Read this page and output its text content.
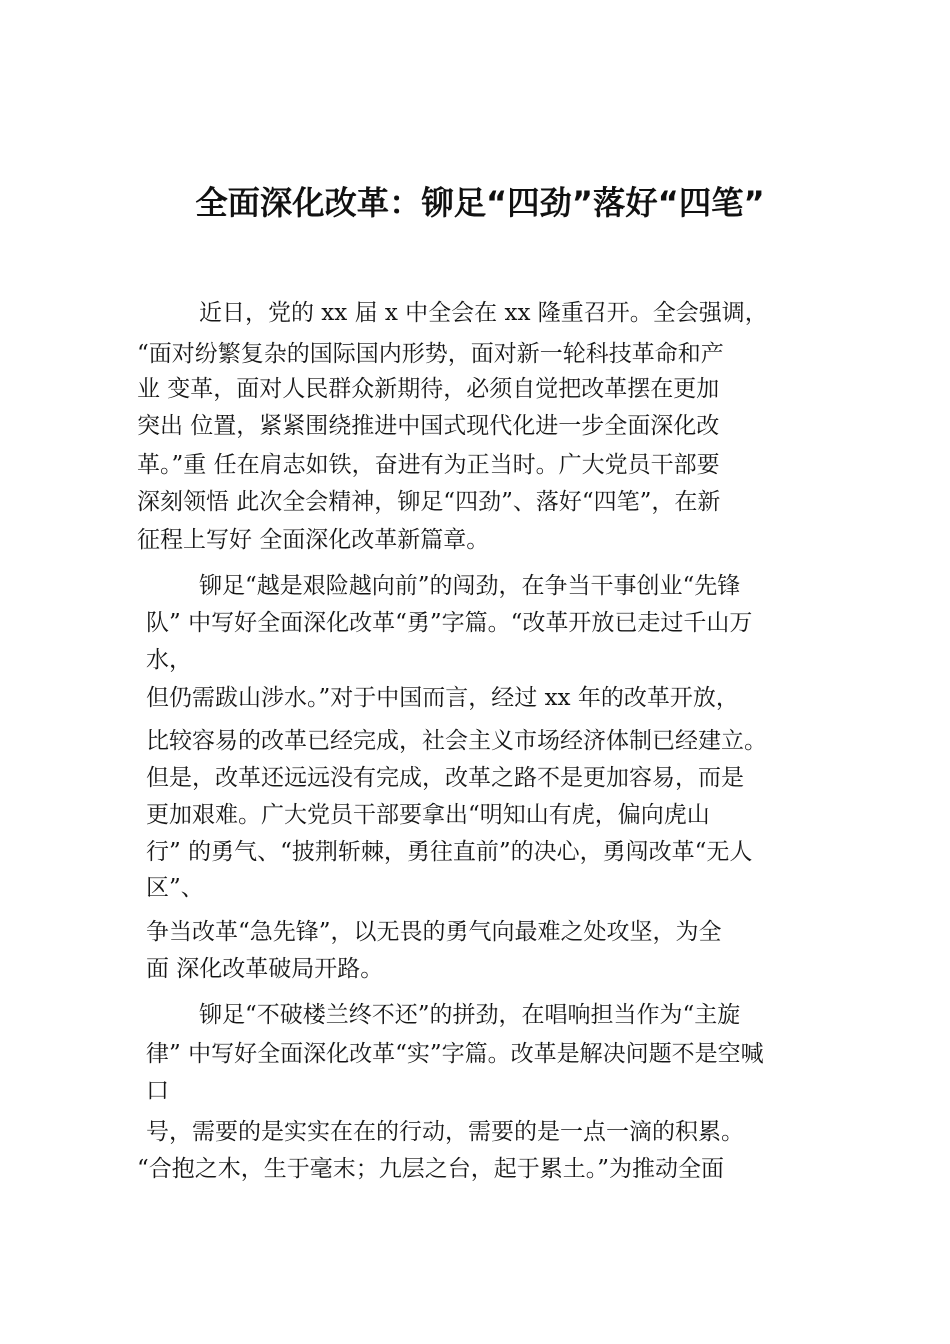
全面深化改革：铆足“四劲”落好“四笔”
近日，党的 xx 届 x 中全会在 xx 隆重召开。全会强调，
“面对纷繁复杂的国际国内形势，面对新一轮科技革命和产
业 变革，面对人民群众新期待，必须自觉把改革摆在更加
突出 位置，紧紧围绕推进中国式现代化进一步全面深化改
革。”重 任在肩志如铁，奋进有为正当时。广大党员干部要
深刻领悟 此次全会精神，铆足“四劲”、落好“四笔”，在新
征程上写好 全面深化改革新篇章。
铆足“越是艰险越向前”的闯劲，在争当干事创业“先锋
队” 中写好全面深化改革“勇”字篇。“改革开放已走过千山万
水，
但仍需跋山涉水。”对于中国而言，经过 xx 年的改革开放，
比较容易的改革已经完成，社会主义市场经济体制已经建立。
但是，改革还远远没有完成，改革之路不是更加容易，而是
更加艰难。广大党员干部要拿出“明知山有虎，偏向虎山
行” 的勇气、“披荆斩棘，勇往直前”的决心，勇闯改革“无人
区”、
争当改革“急先锋”，以无畏的勇气向最难之处攻坚，为全
面 深化改革破局开路。
铆足“不破楼兰终不还”的拼劲，在唱响担当作为“主旋
律” 中写好全面深化改革“实”字篇。改革是解决问题不是空喊
口
号，需要的是实实在在的行动，需要的是一点一滴的积累。
“合抱之木，生于毫末；九层之台，起于累土。”为推动全面
